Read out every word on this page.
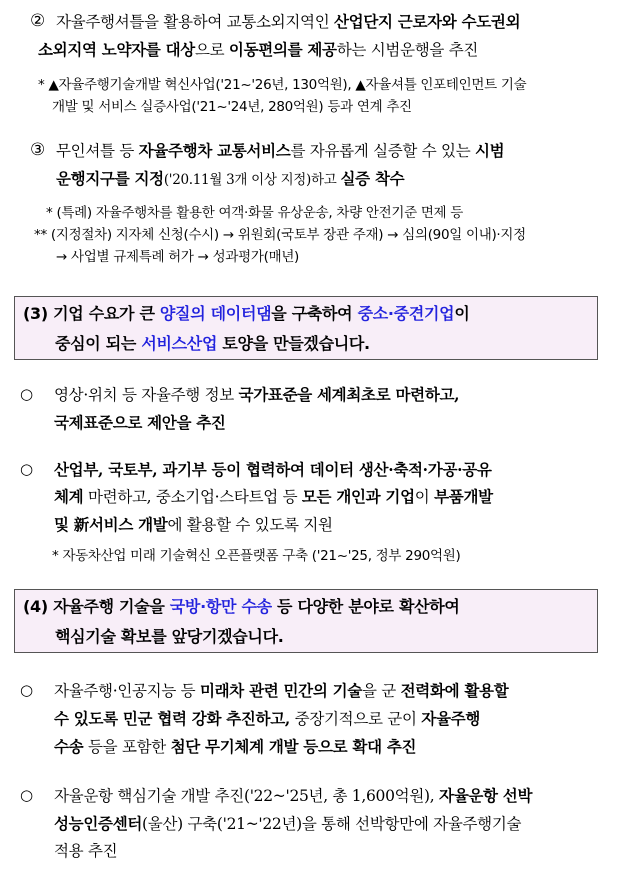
② 자율주행셔틀을 활용하여 교통소외지역인 산업단지 근로자와 수도권외
소외지역 노약자를 대상으로 이동편의를 제공하는 시범운행을 추진
* ▲자율주행기술개발 혁신사업('21~'26년, 130억원), ▲자율셔틀 인포테인먼트 기술
개발 및 서비스 실증사업('21~'24년, 280억원) 등과 연계 추진
③ 무인셔틀 등 자율주행차 교통서비스를 자유롭게 실증할 수 있는 시범
운행지구를 지정('20.11월 3개 이상 지정)하고 실증 착수
* (특례) 자율주행차를 활용한 여객·화물 유상운송, 차량 안전기준 면제 등
** (지정절차) 지자체 신청(수시) → 위원회(국토부 장관 주재) → 심의(90일 이내)·지정
→ 사업별 규제특례 허가 → 성과평가(매년)
(3) 기업 수요가 큰 양질의 데이터댐을 구축하여 중소·중견기업이
중심이 되는 서비스산업 토양을 만들겠습니다.
○	영상·위치 등 자율주행 정보 국가표준을 세계최초로 마련하고,
국제표준으로 제안을 추진
○	산업부, 국토부, 과기부 등이 협력하여 데이터 생산·축적·가공·공유
체계 마련하고, 중소기업·스타트업 등 모든 개인과 기업이 부품개발
및 新서비스 개발에 활용할 수 있도록 지원
* 자동차산업 미래 기술혁신 오픈플랫폼 구축 ('21~'25, 정부 290억원)
(4) 자율주행 기술을 국방·항만 수송 등 다양한 분야로 확산하여
핵심기술 확보를 앞당기겠습니다.
○	자율주행·인공지능 등 미래차 관련 민간의 기술을 군 전력화에 활용할
수 있도록 민군 협력 강화 추진하고, 중장기적으로 군이 자율주행
수송 등을 포함한 첨단 무기체계 개발 등으로 확대 추진
○	자율운항 핵심기술 개발 추진('22~'25년, 총 1,600억원), 자율운항 선박
성능인증센터(울산) 구축('21~'22년)을 통해 선박항만에 자율주행기술
적용 추진
